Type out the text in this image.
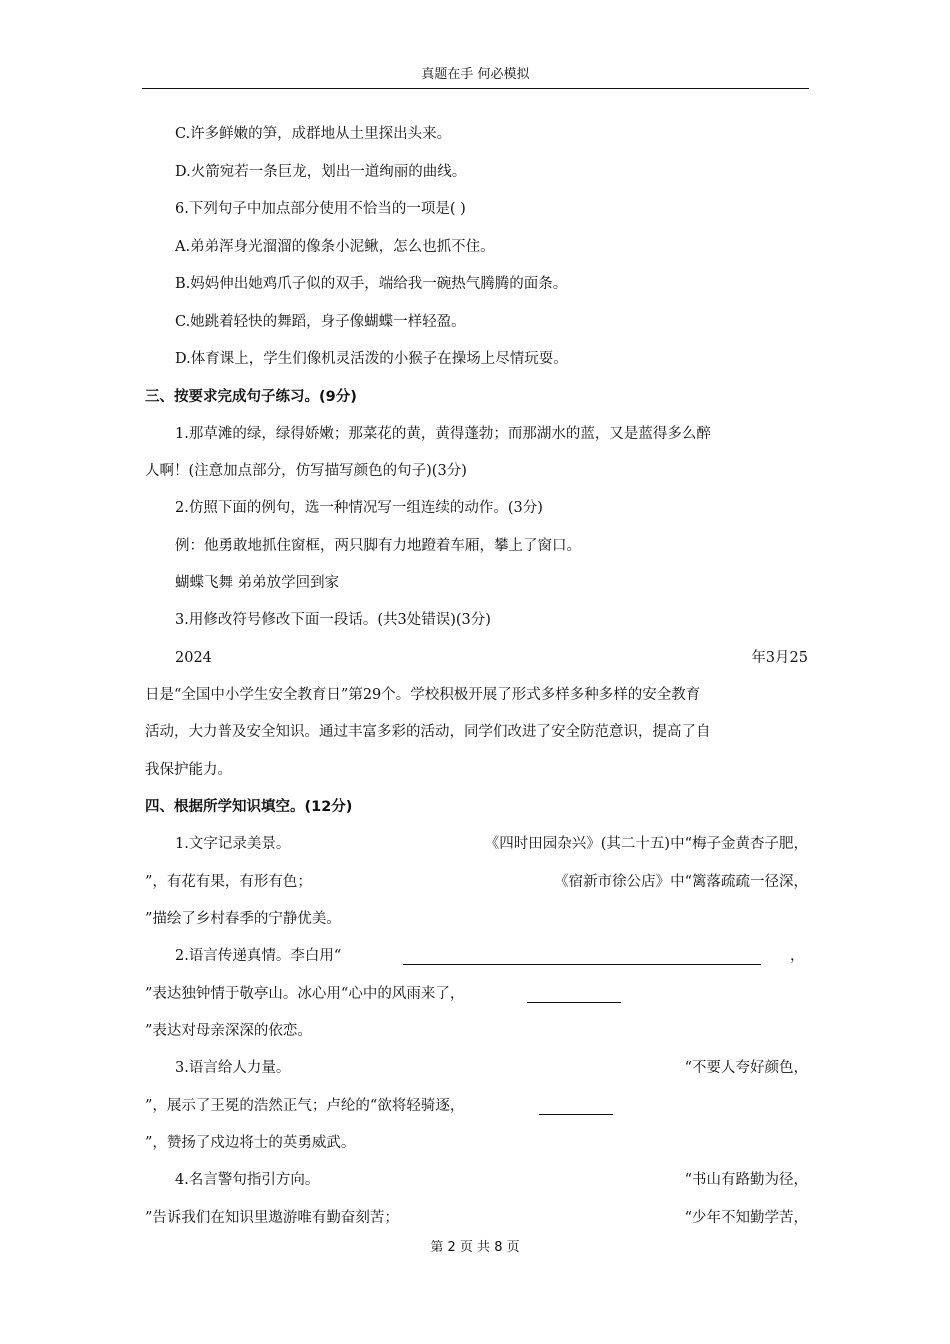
真题在手 何必模拟
C.许多鲜嫩的笋，成群地从土里探出头来。
D.火箭宛若一条巨龙，划出一道绚丽的曲线。
6.下列句子中加点部分使用不恰当的一项是( )
A.弟弟浑身光溜溜的像条小泥鳅，怎么也抓不住。
B.妈妈伸出她鸡爪子似的双手，端给我一碗热气腾腾的面条。
C.她跳着轻快的舞蹈，身子像蝴蝶一样轻盈。
D.体育课上，学生们像机灵活泼的小猴子在操场上尽情玩耍。
三、按要求完成句子练习。(9分)
1.那草滩的绿，绿得娇嫩；那菜花的黄，黄得蓬勃；而那湖水的蓝，又是蓝得多么醉
人啊！(注意加点部分，仿写描写颜色的句子)(3分)
2.仿照下面的例句，选一种情况写一组连续的动作。(3分)
例：他勇敢地抓住窗框，两只脚有力地蹬着车厢，攀上了窗口。
蝴蝶飞舞 弟弟放学回到家
3.用修改符号修改下面一段话。(共3处错误)(3分)
2024	年3月25
日是“全国中小学生安全教育日”第29个。学校积极开展了形式多样多种多样的安全教育
活动，大力普及安全知识。通过丰富多彩的活动，同学们改进了安全防范意识，提高了自
我保护能力。
四、根据所学知识填空。(12分)
1.文字记录美景。	《四时田园杂兴》(其二十五)中“梅子金黄杏子肥，
”，有花有果，有形有色；	《宿新市徐公店》中“篱落疏疏一径深，
”描绘了乡村春季的宁静优美。
2.语言传递真情。李白用“	，
”表达独钟情于敬亭山。冰心用“心中的风雨来了，
”表达对母亲深深的依恋。
3.语言给人力量。	“不要人夸好颜色，
”，展示了王冕的浩然正气；卢纶的“欲将轻骑逐，
”，赞扬了戍边将士的英勇威武。
4.名言警句指引方向。	“书山有路勤为径，
”告诉我们在知识里遨游唯有勤奋刻苦；	“少年不知勤学苦，
第 2 页 共 8 页
